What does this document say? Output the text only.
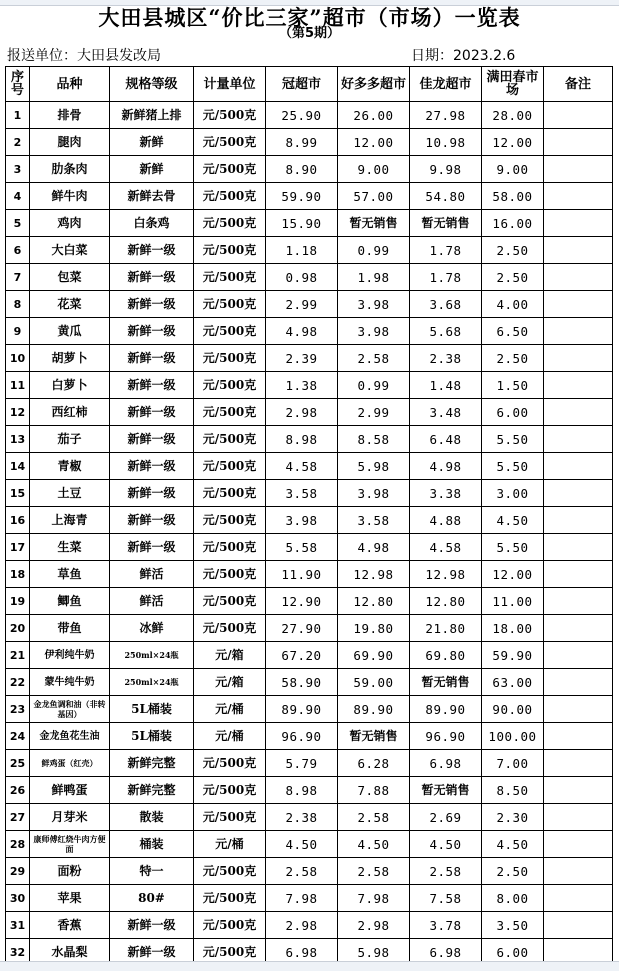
大田县城区“价比三家”超市（市场）一览表
（第5期）
报送单位：大田县发改局	日期：2023.2.6
序号	品种	规格等级	计量单位	冠超市	好多多超市	佳龙超市	满田春市场	备注
1	排骨	新鲜猪上排	元/500克	25.90	26.00	27.98	28.00	
2	腿肉	新鲜	元/500克	8.99	12.00	10.98	12.00	
3	肋条肉	新鲜	元/500克	8.90	9.00	9.98	9.00	
4	鲜牛肉	新鲜去骨	元/500克	59.90	57.00	54.80	58.00	
5	鸡肉	白条鸡	元/500克	15.90	暂无销售	暂无销售	16.00	
6	大白菜	新鲜一级	元/500克	1.18	0.99	1.78	2.50	
7	包菜	新鲜一级	元/500克	0.98	1.98	1.78	2.50	
8	花菜	新鲜一级	元/500克	2.99	3.98	3.68	4.00	
9	黄瓜	新鲜一级	元/500克	4.98	3.98	5.68	6.50	
10	胡萝卜	新鲜一级	元/500克	2.39	2.58	2.38	2.50	
11	白萝卜	新鲜一级	元/500克	1.38	0.99	1.48	1.50	
12	西红柿	新鲜一级	元/500克	2.98	2.99	3.48	6.00	
13	茄子	新鲜一级	元/500克	8.98	8.58	6.48	5.50	
14	青椒	新鲜一级	元/500克	4.58	5.98	4.98	5.50	
15	土豆	新鲜一级	元/500克	3.58	3.98	3.38	3.00	
16	上海青	新鲜一级	元/500克	3.98	3.58	4.88	4.50	
17	生菜	新鲜一级	元/500克	5.58	4.98	4.58	5.50	
18	草鱼	鲜活	元/500克	11.90	12.98	12.98	12.00	
19	鲫鱼	鲜活	元/500克	12.90	12.80	12.80	11.00	
20	带鱼	冰鲜	元/500克	27.90	19.80	21.80	18.00	
21	伊利纯牛奶	250ml×24瓶	元/箱	67.20	69.90	69.80	59.90	
22	蒙牛纯牛奶	250ml×24瓶	元/箱	58.90	59.00	暂无销售	63.00	
23	金龙鱼调和油（非转基因）	5L桶装	元/桶	89.90	89.90	89.90	90.00	
24	金龙鱼花生油	5L桶装	元/桶	96.90	暂无销售	96.90	100.00	
25	鲜鸡蛋（红壳）	新鲜完整	元/500克	5.79	6.28	6.98	7.00	
26	鲜鸭蛋	新鲜完整	元/500克	8.98	7.88	暂无销售	8.50	
27	月芽米	散装	元/500克	2.38	2.58	2.69	2.30	
28	康师傅红烧牛肉方便面	桶装	元/桶	4.50	4.50	4.50	4.50	
29	面粉	特一	元/500克	2.58	2.58	2.58	2.50	
30	苹果	80#	元/500克	7.98	7.98	7.58	8.00	
31	香蕉	新鲜一级	元/500克	2.98	2.98	3.78	3.50	
32	水晶梨	新鲜一级	元/500克	6.98	5.98	6.98	6.00	
